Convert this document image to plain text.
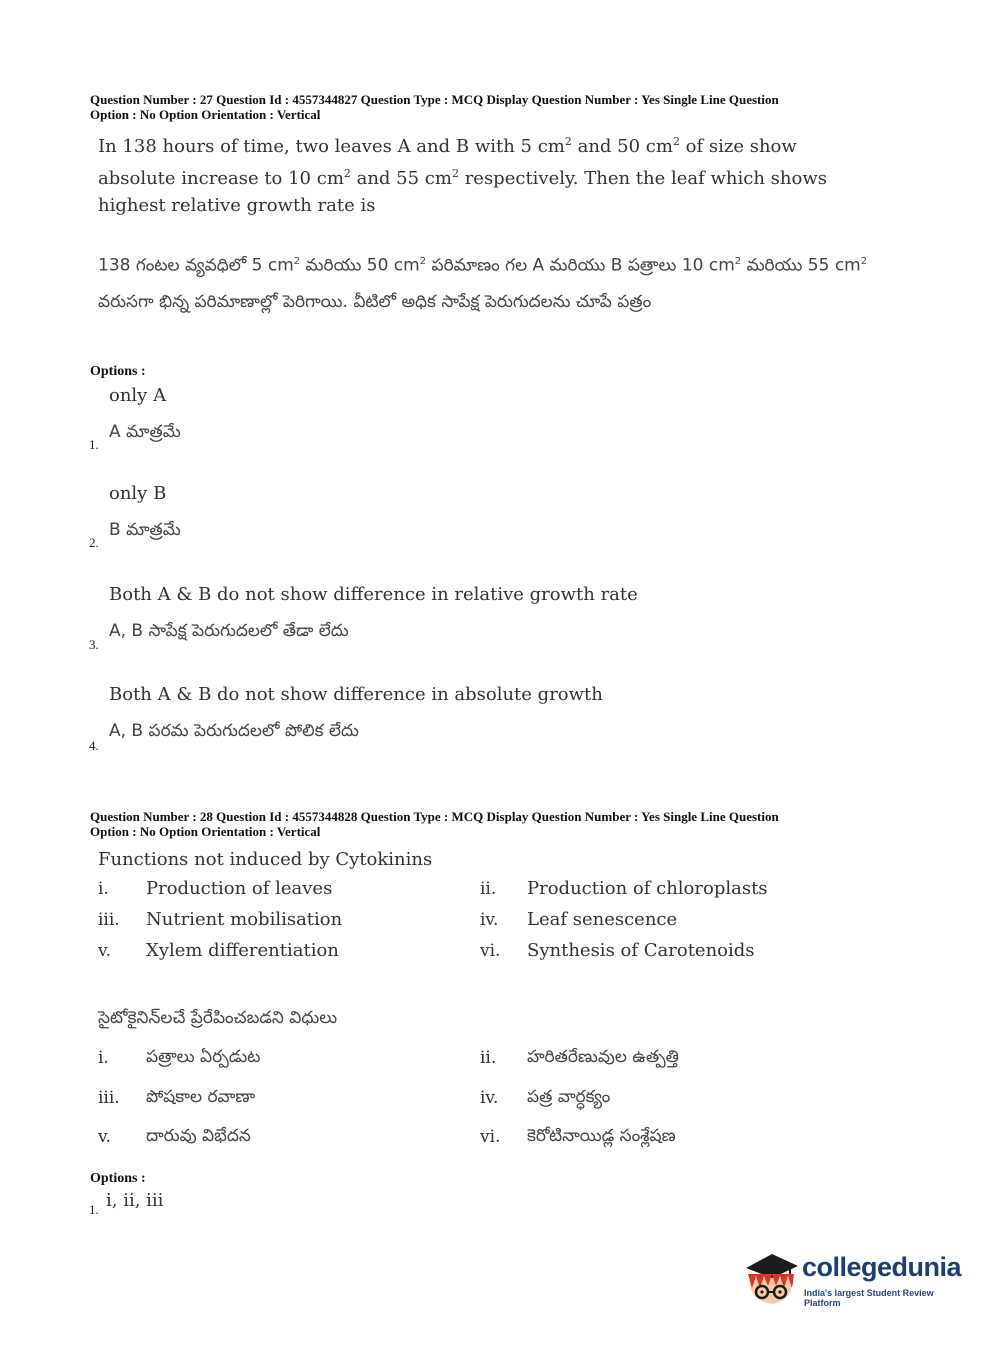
Question Number : 27 Question Id : 4557344827 Question Type : MCQ Display Question Number : Yes Single Line Question
Option : No Option Orientation : Vertical
In 138 hours of time, two leaves A and B with 5 $cm^2$ and 50 $cm^2$ of size show absolute increase to 10 $cm^2$ and 55 $cm^2$ respectively. Then the leaf which shows highest relative growth rate is
138 గంటల వ్యవధిలో 5 $cm^2$ మరియు 50 $cm^2$ పరిమాణం గల A మరియు B పత్రాలు 10 $cm^2$ మరియు 55 $cm^2$ వరుసగా భిన్న పరిమాణాల్లో పెరిగాయి. వీటిలో అధిక సాపేక్ష పెరుగుదలను చూపే పత్రం
Options :
only A
A మాత్రమే
1.
only B
B మాత్రమే
2.
Both A & B do not show difference in relative growth rate
A, B సాపేక్ష పెరుగుదలలో తేడా లేదు
3.
Both A & B do not show difference in absolute growth
A, B పరమ పెరుగుదలలో పోలిక లేదు
4.
Question Number : 28 Question Id : 4557344828 Question Type : MCQ Display Question Number : Yes Single Line Question
Option : No Option Orientation : Vertical
Functions not induced by Cytokinins
i. Production of leaves	ii. Production of chloroplasts
iii. Nutrient mobilisation	iv. Leaf senescence
v. Xylem differentiation	vi. Synthesis of Carotenoids
సైటోకైనిన్‌లచే ప్రేరేపించబడని విధులు
i. పత్రాలు ఏర్పడుట	ii. హరితరేణువుల ఉత్పత్తి
iii. పోషకాల రవాణా	iv. పత్ర వార్ధక్యం
v. దారువు విభేదన	vi. కెరోటినాయిడ్ల సంశ్లేషణ
Options :
1. i, ii, iii
collegedunia
India's largest Student Review Platform
